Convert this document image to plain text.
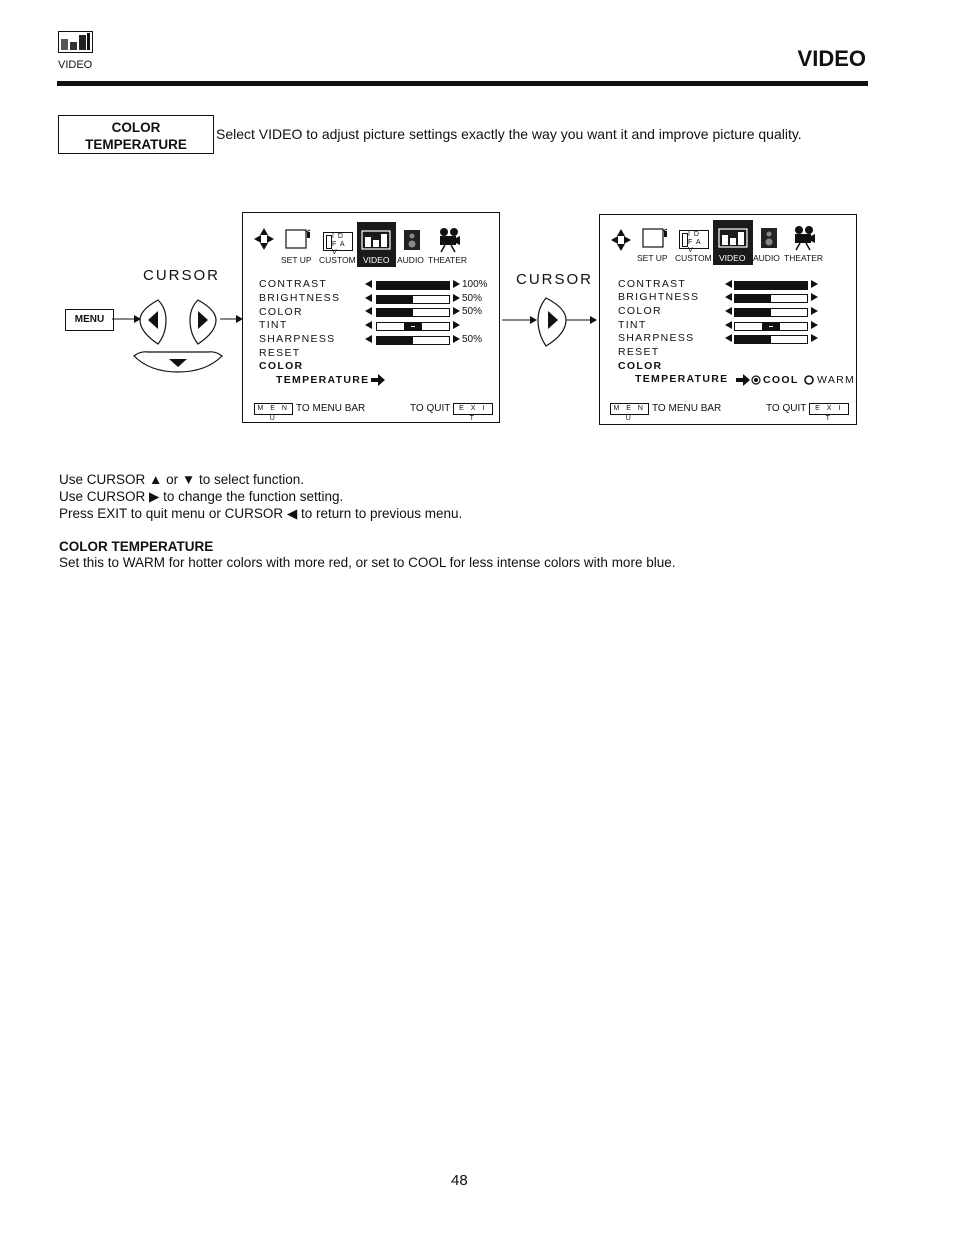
VIDEO	VIDEO
COLOR
TEMPERATURE
Select VIDEO to adjust picture settings exactly the way you want it and improve picture quality.
CURSOR
MENU
I D
F A V
SET UP CUSTOM VIDEO AUDIO THEATER
CONTRAST
BRIGHTNESS
COLOR
TINT
SHARPNESS
RESET
COLOR
TEMPERATURE
100%
50%
50%
50%
M E N U
TO MENU BAR	TO QUIT	E X I T
CURSOR
I D
F A V
SET UP CUSTOM VIDEO AUDIO THEATER
CONTRAST
BRIGHTNESS
COLOR
TINT
SHARPNESS
RESET
COLOR
TEMPERATURE	COOL WARM
M E N U
TO MENU BAR	TO QUIT	E X I T
Use CURSOR ▲ or ▼ to select function.
Use CURSOR ▶ to change the function setting.
Press EXIT to quit menu or CURSOR ◀ to return to previous menu.
COLOR TEMPERATURE
Set this to WARM for hotter colors with more red, or set to COOL for less intense colors with more blue.
48
